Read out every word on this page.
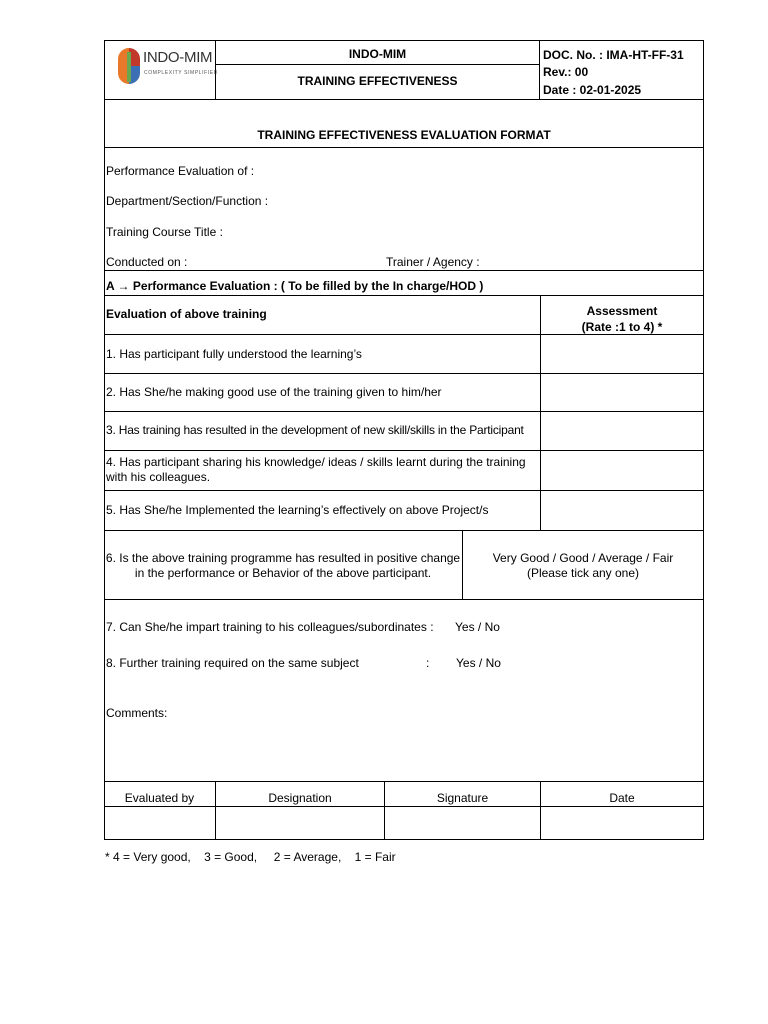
INDO-MIM
COMPLEXITY SIMPLIFIED
INDO-MIM
TRAINING EFFECTIVENESS
DOC. No. : IMA-HT-FF-31
Rev.: 00
Date : 02-01-2025
TRAINING EFFECTIVENESS EVALUATION FORMAT
Performance Evaluation of :
Department/Section/Function :
Training Course Title :
Conducted on :	Trainer / Agency :
A → Performance Evaluation : ( To be filled by the In charge/HOD )
Evaluation of above training	Assessment
(Rate :1 to 4) *
1. Has participant fully understood the learning’s
2. Has She/he making good use of the training given to him/her
3. Has training has resulted in the development of new skill/skills in the Participant
4. Has participant sharing his knowledge/ ideas / skills learnt during the training
with his colleagues.
5. Has She/he Implemented the learning’s effectively on above Project/s
6. Is the above training programme has resulted in positive change
in the performance or Behavior of the above participant.
Very Good / Good / Average / Fair
(Please tick any one)
7. Can She/he impart training to his colleagues/subordinates : Yes / No
8. Further training required on the same subject	: Yes / No
Comments:
Evaluated by	Designation	Signature	Date
* 4 = Very good,    3 = Good,     2 = Average,    1 = Fair
